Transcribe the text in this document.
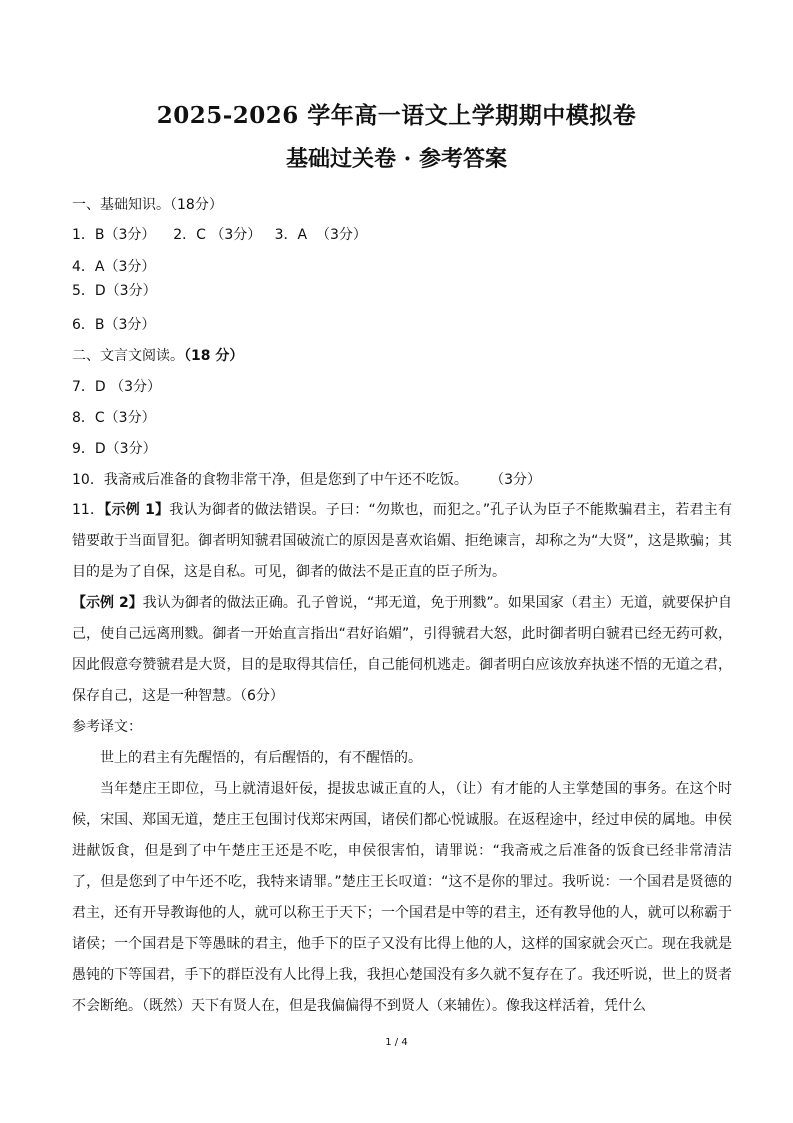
2025-2026 学年高一语文上学期期中模拟卷
基础过关卷 · 参考答案
一、基础知识。（18分）
1．B（3分）    2．C （3分）   3．A  （3分）
4．A（3分）
5．D（3分）
6．B（3分）
二、文言文阅读。（18 分）
7．D （3分）
8．C（3分）
9．D（3分）
10．我斋戒后准备的食物非常干净，但是您到了中午还不吃饭。     （3分）

11．【示例 1】我认为御者的做法错误。子曰：“勿欺也，而犯之。”孔子认为臣子不能欺骗君主，若君主有错要敢于当面冒犯。御者明知虢君国破流亡的原因是喜欢谄媚、拒绝谏言，却称之为“大贤”，这是欺骗；其目的是为了自保，这是自私。可见，御者的做法不是正直的臣子所为。

【示例 2】我认为御者的做法正确。孔子曾说，“邦无道，免于刑戮”。如果国家（君主）无道，就要保护自己，使自己远离刑戮。御者一开始直言指出“君好谄媚”，引得虢君大怒，此时御者明白虢君已经无药可救，因此假意夸赞虢君是大贤，目的是取得其信任，自己能伺机逃走。御者明白应该放弃执迷不悟的无道之君，保存自己，这是一种智慧。（6分）

参考译文：

世上的君主有先醒悟的，有后醒悟的，有不醒悟的。

当年楚庄王即位，马上就清退奸佞，提拔忠诚正直的人，（让）有才能的人主掌楚国的事务。在这个时候，宋国、郑国无道，楚庄王包围讨伐郑宋两国，诸侯们都心悦诚服。在返程途中，经过申侯的属地。申侯进献饭食，但是到了中午楚庄王还是不吃，申侯很害怕，请罪说：“我斋戒之后准备的饭食已经非常清洁了，但是您到了中午还不吃，我特来请罪。”楚庄王长叹道：“这不是你的罪过。我听说：一个国君是贤德的君主，还有开导教诲他的人，就可以称王于天下；一个国君是中等的君主，还有教导他的人，就可以称霸于诸侯；一个国君是下等愚昧的君主，他手下的臣子又没有比得上他的人，这样的国家就会灭亡。现在我就是愚钝的下等国君，手下的群臣没有人比得上我，我担心楚国没有多久就不复存在了。我还听说，世上的贤者不会断绝。（既然）天下有贤人在，但是我偏偏得不到贤人（来辅佐）。像我这样活着，凭什么

1 / 4
